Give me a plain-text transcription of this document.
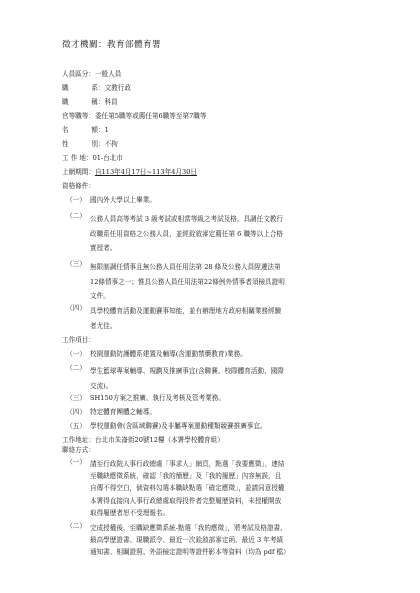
徵才機關：教育部體育署
人員區分：一般人員
職	系 ：文教行政
職	稱 ：科員
官等職等：委任第5職等或薦任第6職等至第7職等
名	額 ：1
性	別 ：不拘
工 作 地：01-台北市
上網期間：自113年4月17日~113年4月30日
資格條件：
（一） 國內外大學以上畢業。
（二） 公務人員高等考試 3 級考試或相當等級之考試及格，具調任文教行
政職系任用資格之公務人員，並經銓敘審定薦任第 6 職等以上合格
實授者。
（三） 無限制調任情事且無公務人員任用法第 28 條及公務人員陞遷法第
12條情事之一；惟具公務人員任用法第22條例外情事者須檢具證明
文件。
（四） 具學校體育活動及運動賽事知能，並有辦理地方政府相關業務經驗
者尤佳。
工作項目：
（一） 校園運動防護體系建置及輔導(含運動禁藥教育)業務。
（二） 學生籃球專案輔導、規劃及推廣事宜(含聯賽、校際體育活動、國際
交流)。
（三） SH150方案之推廣、執行及考核及管考業務。
（四） 特定體育團體之輔導。
（五） 學校運動會(含區域聯賽)及非屬專案運動種類競賽推廣事宜。
工作地址：台北市朱崙街20號12樓（本署學校體育組）
聯絡方式：
（一） 請至行政院人事行政總處「事求人」網頁，點選「我要應徵」，連結
至職缺應徵系統，確認「我的簡歷」及「我的履歷」內容無誤，且
自傳不得空白，倘資料勾選本職缺點選「確定應徵」，並請同意授權
本署得直接向人事行政總處取得投件者完整履歷資料，未授權開放
取得履歷者恕不受理報名。
（二） 完成授權後，至職缺應徵系統-點選「我的應徵」，將考試及格證書、
最高學歷證書、現職派令、最近一次銓敘部審定函、最近 3 年考績
通知書、相關證照、外語檢定證明等證件影本等資料（均為 pdf 檔）
